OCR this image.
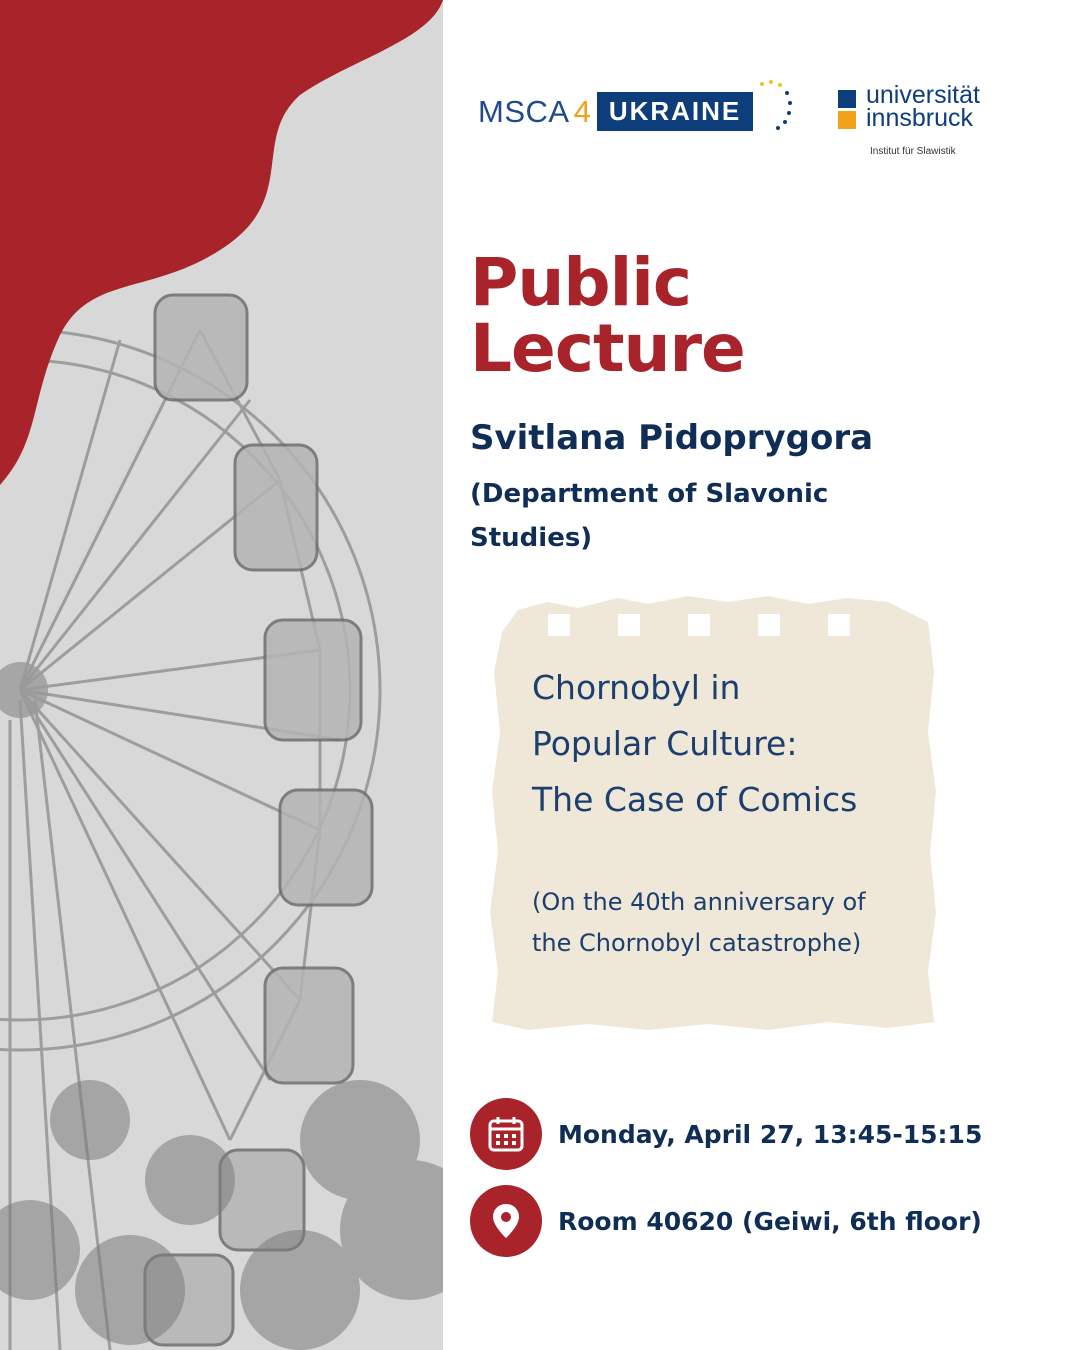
MSCA 4 UKRAINE
universität
innsbruck
Institut für Slawistik
Public
Lecture
Svitlana Pidoprygora
(Department of Slavonic Studies)
Chornobyl in Popular Culture: The Case of Comics
(On the 40th anniversary of the Chornobyl catastrophe)
Monday, April 27, 13:45-15:15
Room 40620 (Geiwi, 6th floor)
